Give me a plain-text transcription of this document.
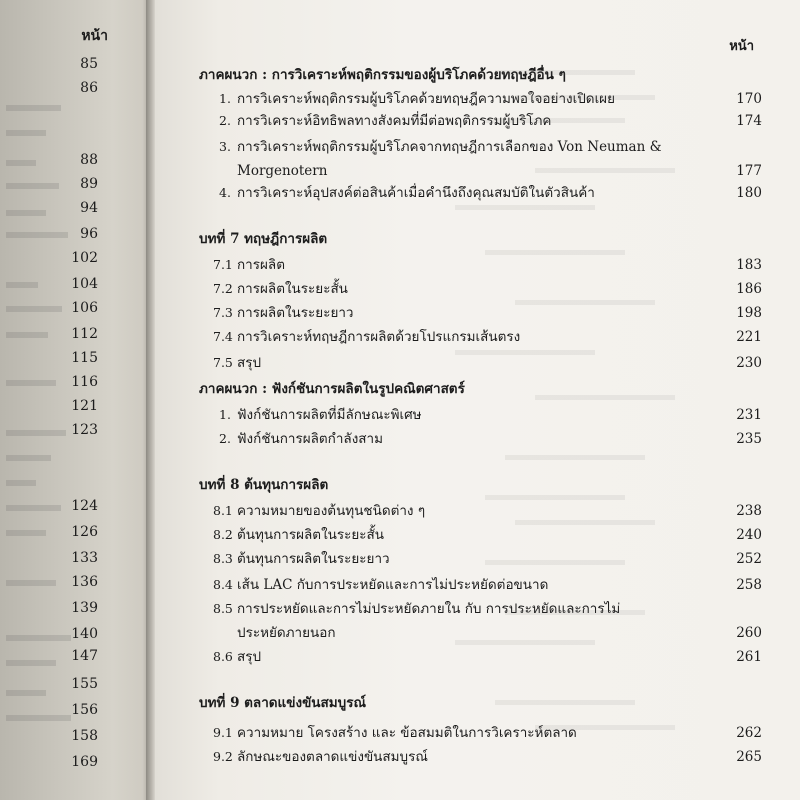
หน้า
85
86
88
89
94
96
102
104
106
112
115
116
121
123
124
126
133
136
139
140
147
155
156
158
169
หน้า
ภาคผนวก : การวิเคราะห์พฤติกรรมของผู้บริโภคด้วยทฤษฎีอื่น ๆ
1. การวิเคราะห์พฤติกรรมผู้บริโภคด้วยทฤษฎีความพอใจอย่างเปิดเผย	170
2. การวิเคราะห์อิทธิพลทางสังคมที่มีต่อพฤติกรรมผู้บริโภค	174
3. การวิเคราะห์พฤติกรรมผู้บริโภคจากทฤษฎีการเลือกของ Von Neuman &
Morgenotern	177
4. การวิเคราะห์อุปสงค์ต่อสินค้าเมื่อคำนึงถึงคุณสมบัติในตัวสินค้า	180
บทที่ 7 ทฤษฎีการผลิต
7.1 การผลิต	183
7.2 การผลิตในระยะสั้น	186
7.3 การผลิตในระยะยาว	198
7.4 การวิเคราะห์ทฤษฎีการผลิตด้วยโปรแกรมเส้นตรง	221
7.5 สรุป	230
ภาคผนวก : ฟังก์ชันการผลิตในรูปคณิตศาสตร์
1. ฟังก์ชันการผลิตที่มีลักษณะพิเศษ	231
2. ฟังก์ชันการผลิตกำลังสาม	235
บทที่ 8 ต้นทุนการผลิต
8.1 ความหมายของต้นทุนชนิดต่าง ๆ	238
8.2 ต้นทุนการผลิตในระยะสั้น	240
8.3 ต้นทุนการผลิตในระยะยาว	252
8.4 เส้น LAC กับการประหยัดและการไม่ประหยัดต่อขนาด	258
8.5 การประหยัดและการไม่ประหยัดภายใน กับ การประหยัดและการไม่
ประหยัดภายนอก	260
8.6 สรุป	261
บทที่ 9 ตลาดแข่งขันสมบูรณ์
9.1 ความหมาย โครงสร้าง และ ข้อสมมติในการวิเคราะห์ตลาด	262
9.2 ลักษณะของตลาดแข่งขันสมบูรณ์	265
